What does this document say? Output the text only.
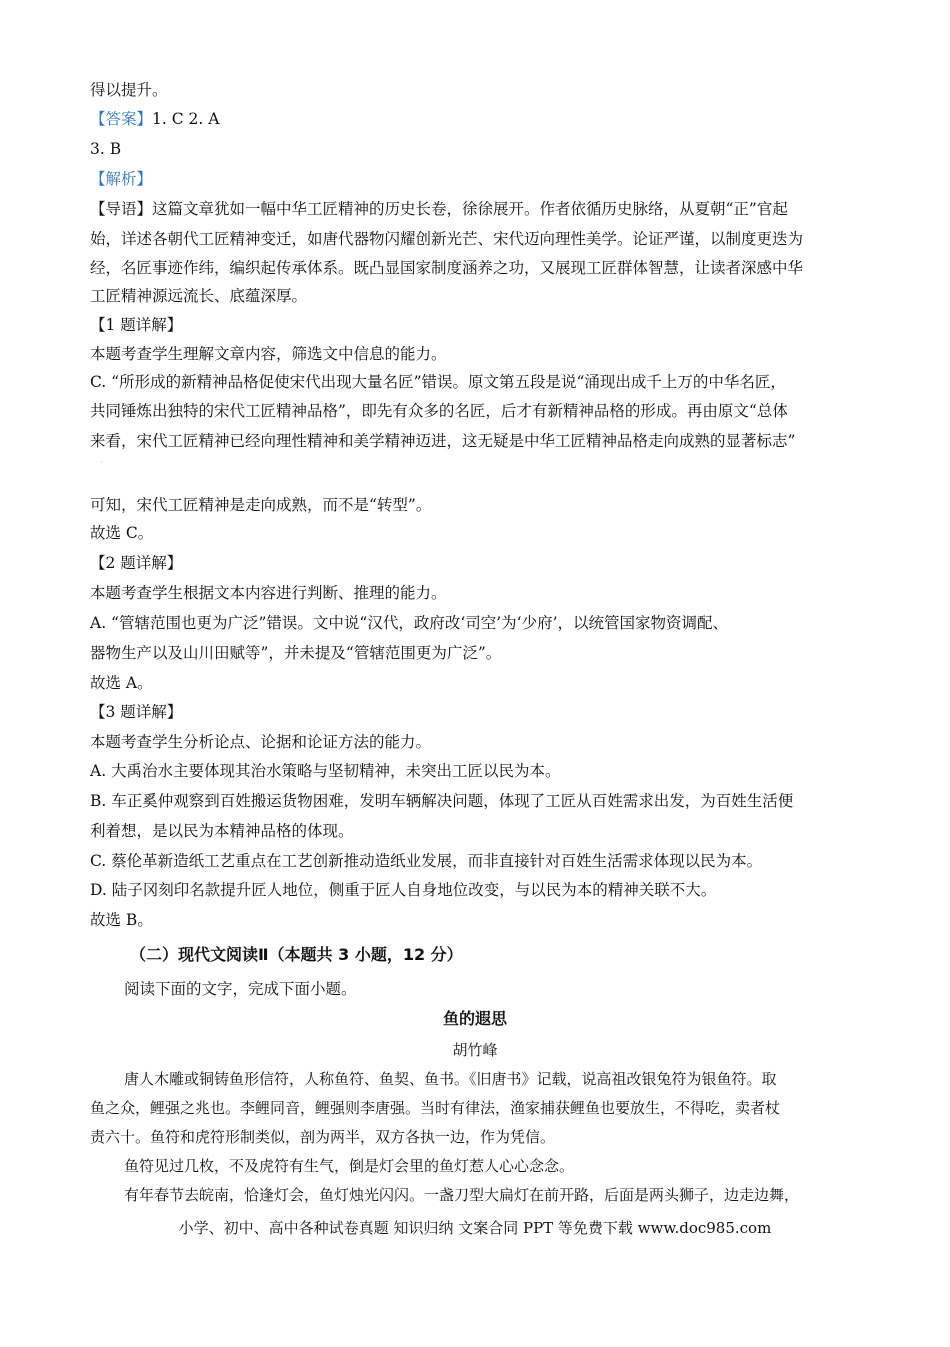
得以提升。
【答案】1. C 2. A
3. B
【解析】
【导语】这篇文章犹如一幅中华工匠精神的历史长卷，徐徐展开。作者依循历史脉络，从夏朝“正”官起
始，详述各朝代工匠精神变迁，如唐代器物闪耀创新光芒、宋代迈向理性美学。论证严谨，以制度更迭为
经，名匠事迹作纬，编织起传承体系。既凸显国家制度涵养之功，又展现工匠群体智慧，让读者深感中华
工匠精神源远流长、底蕴深厚。
【1 题详解】
本题考查学生理解文章内容，筛选文中信息的能力。
C. “所形成的新精神品格促使宋代出现大量名匠”错误。原文第五段是说“涌现出成千上万的中华名匠，
共同锤炼出独特的宋代工匠精神品格”，即先有众多的名匠，后才有新精神品格的形成。再由原文“总体
来看，宋代工匠精神已经向理性精神和美学精神迈进，这无疑是中华工匠精神品格走向成熟的显著标志”
·
可知，宋代工匠精神是走向成熟，而不是“转型”。
故选 C。
【2 题详解】
本题考查学生根据文本内容进行判断、推理的能力。
A. “管辖范围也更为广泛”错误。文中说“汉代，政府改‘司空’为‘少府’，以统管国家物资调配、
器物生产以及山川田赋等”，并未提及“管辖范围更为广泛”。
故选 A。
【3 题详解】
本题考查学生分析论点、论据和论证方法的能力。
A. 大禹治水主要体现其治水策略与坚韧精神，未突出工匠以民为本。
B. 车正奚仲观察到百姓搬运货物困难，发明车辆解决问题，体现了工匠从百姓需求出发，为百姓生活便
利着想，是以民为本精神品格的体现。
C. 蔡伦革新造纸工艺重点在工艺创新推动造纸业发展，而非直接针对百姓生活需求体现以民为本。
D. 陆子冈刻印名款提升匠人地位，侧重于匠人自身地位改变，与以民为本的精神关联不大。
故选 B。
（二）现代文阅读Ⅱ（本题共 3 小题，12 分）
阅读下面的文字，完成下面小题。
鱼的遐思
胡竹峰
唐人木雕或铜铸鱼形信符，人称鱼符、鱼契、鱼书。《旧唐书》记载，说高祖改银兔符为银鱼符。取
鱼之众，鲤强之兆也。李鲤同音，鲤强则李唐强。当时有律法，渔家捕获鲤鱼也要放生，不得吃，卖者杖
责六十。鱼符和虎符形制类似，剖为两半，双方各执一边，作为凭信。
鱼符见过几枚，不及虎符有生气，倒是灯会里的鱼灯惹人心心念念。
有年春节去皖南，恰逢灯会，鱼灯烛光闪闪。一盏刀型大扁灯在前开路，后面是两头狮子，边走边舞，
小学、初中、高中各种试卷真题 知识归纳 文案合同 PPT 等免费下载 www.doc985.com
